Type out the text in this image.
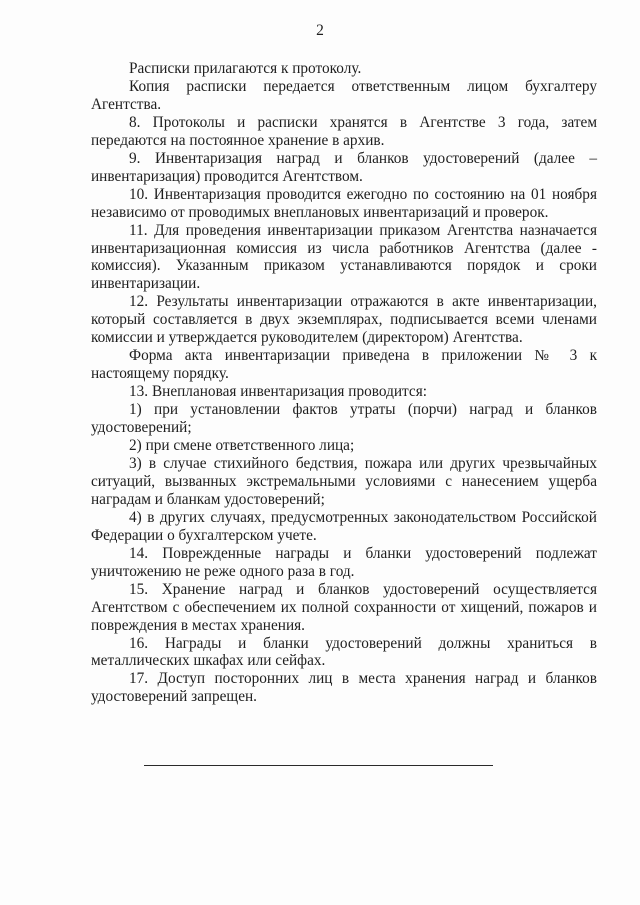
2

Расписки прилагаются к протоколу.

Копия расписки передается ответственным лицом бухгалтеру Агентства.

8. Протоколы и расписки хранятся в Агентстве 3 года, затем передаются на постоянное хранение в архив.

9. Инвентаризация наград и бланков удостоверений (далее – инвентаризация) проводится Агентством.

10. Инвентаризация проводится ежегодно по состоянию на 01 ноября независимо от проводимых внеплановых инвентаризаций и проверок.

11. Для проведения инвентаризации приказом Агентства назначается инвентаризационная комиссия из числа работников Агентства (далее - комиссия). Указанным приказом устанавливаются порядок и сроки инвентаризации.

12. Результаты инвентаризации отражаются в акте инвентаризации, который составляется в двух экземплярах, подписывается всеми членами комиссии и утверждается руководителем (директором) Агентства.

Форма акта инвентаризации приведена в приложении № 3 к настоящему порядку.

13. Внеплановая инвентаризация проводится:

1) при установлении фактов утраты (порчи) наград и бланков удостоверений;

2) при смене ответственного лица;

3) в случае стихийного бедствия, пожара или других чрезвычайных ситуаций, вызванных экстремальными условиями с нанесением ущерба наградам и бланкам удостоверений;

4) в других случаях, предусмотренных законодательством Российской Федерации о бухгалтерском учете.

14. Поврежденные награды и бланки удостоверений подлежат уничтожению не реже одного раза в год.

15. Хранение наград и бланков удостоверений осуществляется Агентством с обеспечением их полной сохранности от хищений, пожаров и повреждения в местах хранения.

16. Награды и бланки удостоверений должны храниться в металлических шкафах или сейфах.

17. Доступ посторонних лиц в места хранения наград и бланков удостоверений запрещен.
